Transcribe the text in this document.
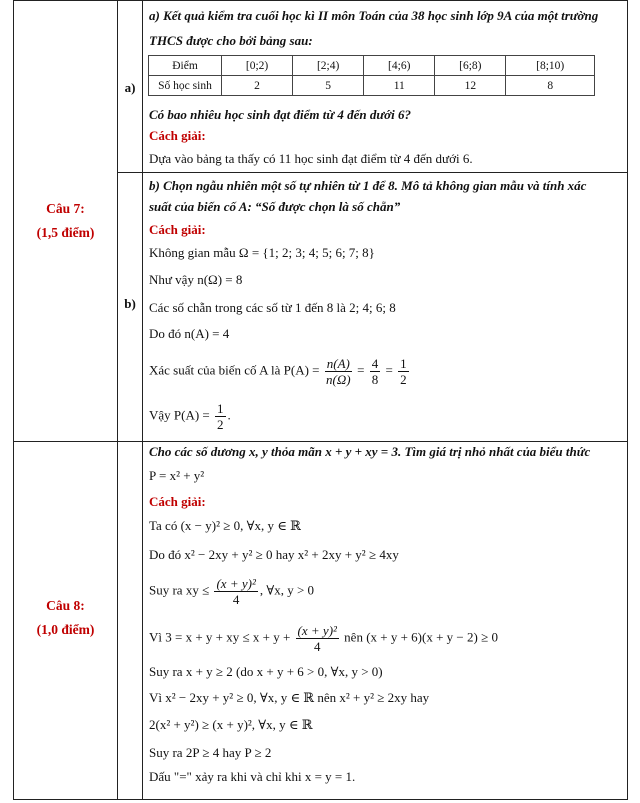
Câu 7:
(1,5 điểm)
a)
a) Kết quả kiểm tra cuối học kì II môn Toán của 38 học sinh lớp 9A của một trường
THCS được cho bởi bảng sau:
Điểm	[0;2)	[2;4)	[4;6)	[6;8)	[8;10)
Số học sinh	2	5	11	12	8
Có bao nhiêu học sinh đạt điểm từ 4 đến dưới 6?
Cách giải:
Dựa vào bảng ta thấy có 11 học sinh đạt điểm từ 4 đến dưới 6.
b)
b) Chọn ngẫu nhiên một số tự nhiên từ 1 để 8. Mô tả không gian mẫu và tính xác
suất của biến cố A: “Số được chọn là số chẵn”
Cách giải:
Không gian mẫu Ω = {1; 2; 3; 4; 5; 6; 7; 8}
Như vậy n(Ω) = 8
Các số chẵn trong các số từ 1 đến 8 là 2; 4; 6; 8
Do đó n(A) = 4
Xác suất của biến cố A là $P(A) = \frac{n(A)}{n(\Omega)} = \frac{4}{8} = \frac{1}{2}$
Vậy $P(A) = \frac{1}{2}$ .
Câu 8:
(1,0 điểm)
Cho các số dương x, y thỏa mãn x + y + xy = 3. Tìm giá trị nhỏ nhất của biểu thức
P = x² + y²
Cách giải:
Ta có (x − y)² ≥ 0, ∀x, y ∈ ℝ
Do đó x² − 2xy + y² ≥ 0 hay x² + 2xy + y² ≥ 4xy
Suy ra xy ≤ $\frac{\text{(x + y)²}}{4}$ , ∀x, y > 0
Vì 3 = x + y + xy ≤ $x + y + \frac{\text{(x + y)²}}{4}$ nên (x + y + 6)(x + y − 2) ≥ 0
Suy ra x + y ≥ 2 (do x + y + 6 > 0, ∀x, y > 0)
Vì x² − 2xy + y² ≥ 0, ∀x, y ∈ ℝ nên x² + y² ≥ 2xy hay
2(x² + y²) ≥ (x + y)², ∀x, y ∈ ℝ
Suy ra 2P ≥ 4 hay P ≥ 2
Dấu "=" xảy ra khi và chỉ khi x = y = 1.
